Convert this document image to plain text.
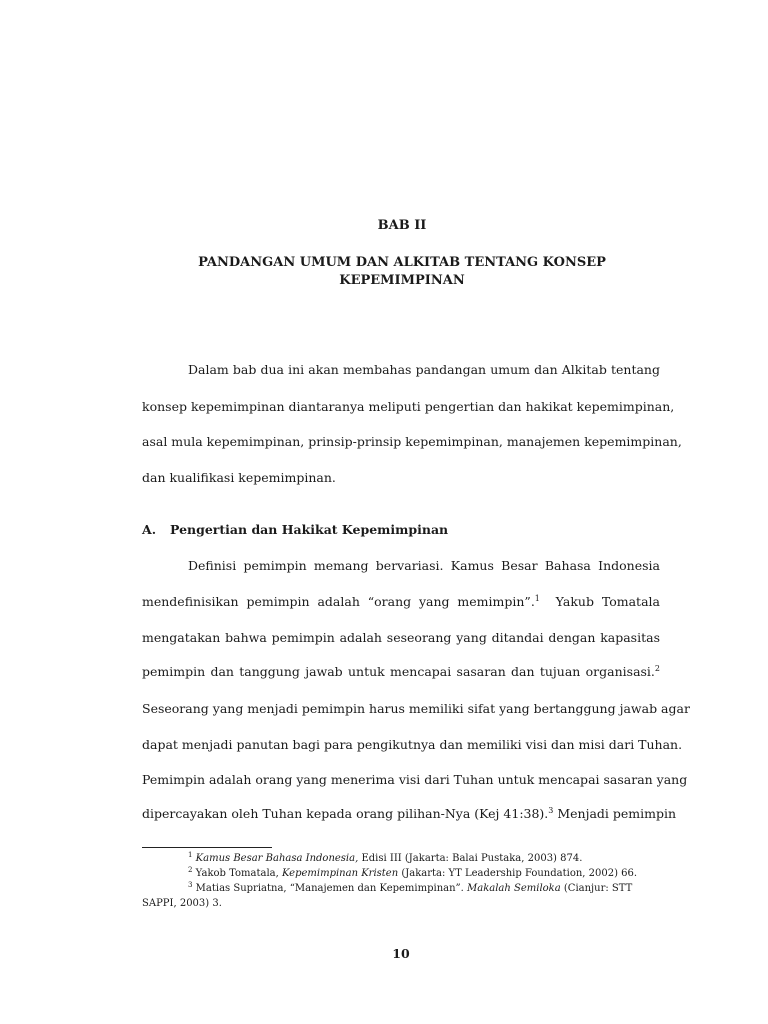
BAB II
PANDANGAN UMUM DAN ALKITAB TENTANG KONSEP
KEPEMIMPINAN
Dalam bab dua ini akan membahas pandangan umum dan Alkitab tentang
konsep kepemimpinan diantaranya meliputi pengertian dan hakikat kepemimpinan,
asal mula kepemimpinan, prinsip-prinsip kepemimpinan, manajemen kepemimpinan,
dan kualifikasi kepemimpinan.
A. Pengertian dan Hakikat Kepemimpinan
Definisi pemimpin memang bervariasi. Kamus Besar Bahasa Indonesia
mendefinisikan pemimpin adalah “orang yang memimpin”.$^1$ Yakub Tomatala
mengatakan bahwa pemimpin adalah seseorang yang ditandai dengan kapasitas
pemimpin dan tanggung jawab untuk mencapai sasaran dan tujuan organisasi.$^2$
Seseorang yang menjadi pemimpin harus memiliki sifat yang bertanggung jawab agar
dapat menjadi panutan bagi para pengikutnya dan memiliki visi dan misi dari Tuhan.
Pemimpin adalah orang yang menerima visi dari Tuhan untuk mencapai sasaran yang
dipercayakan oleh Tuhan kepada orang pilihan-Nya (Kej 41:38).$^3$ Menjadi pemimpin
$^1$ Kamus Besar Bahasa Indonesia, Edisi III (Jakarta: Balai Pustaka, 2003) 874.
$^2$ Yakob Tomatala, Kepemimpinan Kristen (Jakarta: YT Leadership Foundation, 2002) 66.
$^3$ Matias Supriatna, “Manajemen dan Kepemimpinan”. Makalah Semiloka (Cianjur: STT
SAPPI, 2003) 3.
10
